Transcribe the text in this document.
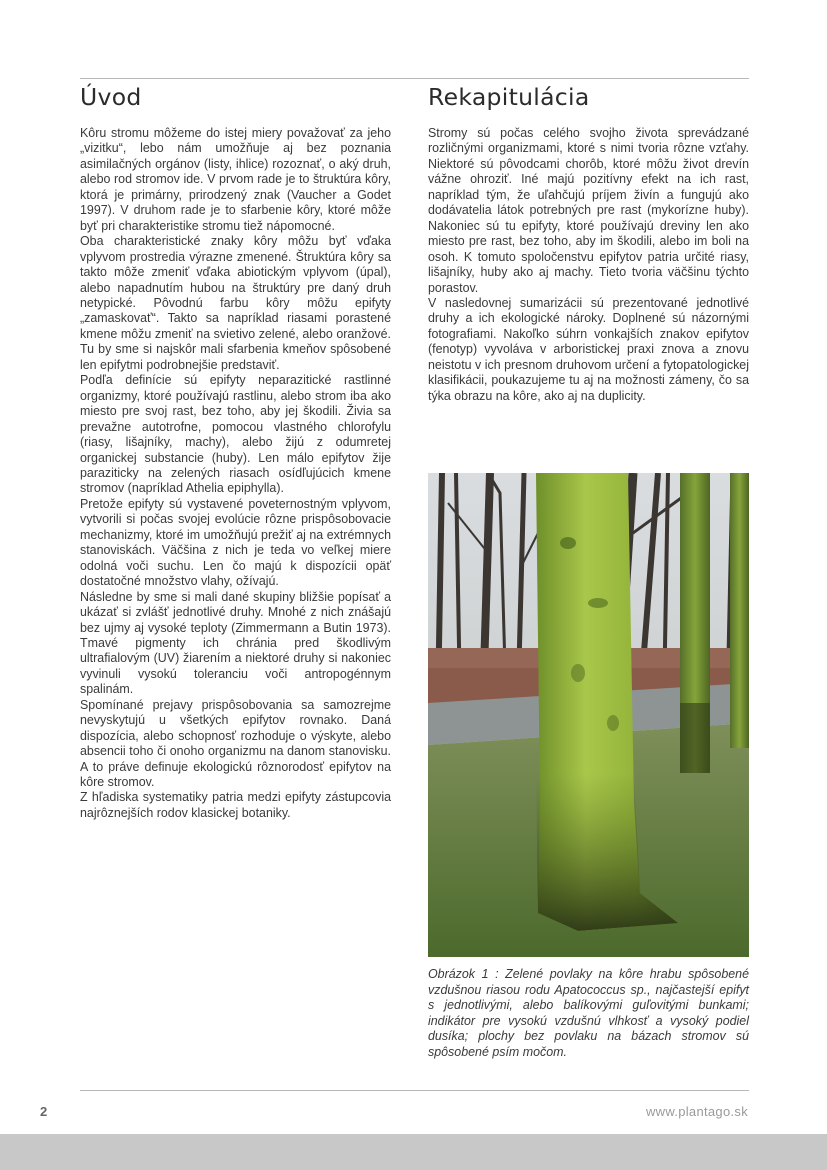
Úvod

Kôru stromu môžeme do istej miery považovať za jeho „vizitku“, lebo nám umožňuje aj bez poznania asimilačných orgánov (listy, ihlice) rozoznať, o aký druh, alebo rod stromov ide. V prvom rade je to štruktúra kôry, ktorá je primárny, prirodzený znak (Vaucher a Godet 1997). V druhom rade je to sfarbenie kôry, ktoré môže byť pri charakteristike stromu tiež nápomocné.

Oba charakteristické znaky kôry môžu byť vďaka vplyvom prostredia výrazne zmenené. Štruktúra kôry sa takto môže zmeniť vďaka abiotickým vplyvom (úpal), alebo napadnutím hubou na štruktúry pre daný druh netypické. Pôvodnú farbu kôry môžu epifyty „zamaskovať“. Takto sa napríklad riasami porastené kmene môžu zmeniť na svietivo zelené, alebo oranžové. Tu by sme si najskôr mali sfarbenia kmeňov spôsobené len epifytmi podrobnejšie predstaviť.

Podľa definície sú epifyty neparazitické rastlinné organizmy, ktoré používajú rastlinu, alebo strom iba ako miesto pre svoj rast, bez toho, aby jej škodili. Živia sa prevažne autotrofne, pomocou vlastného chlorofylu (riasy, lišajníky, machy), alebo žijú z odumretej organickej substancie (huby). Len málo epifytov žije paraziticky na zelených riasach osídľujúcich kmene stromov (napríklad Athelia epiphylla).

Pretože epifyty sú vystavené poveternostným vplyvom, vytvorili si počas svojej evolúcie rôzne prispôsobovacie mechanizmy, ktoré im umožňujú prežiť aj na extrémnych stanoviskách. Väčšina z nich je teda vo veľkej miere odolná voči suchu. Len čo majú k dispozícii opäť dostatočné množstvo vlahy, ožívajú.

Následne by sme si mali dané skupiny bližšie popísať a ukázať si zvlášť jednotlivé druhy. Mnohé z nich znášajú bez ujmy aj vysoké teploty (Zimmermann a Butin 1973). Tmavé pigmenty ich chránia pred škodlivým ultrafialovým (UV) žiarením a niektoré druhy si nakoniec vyvinuli vysokú toleranciu voči antropogénnym spalinám.

Spomínané prejavy prispôsobovania sa samozrejme nevyskytujú u všetkých epifytov rovnako. Daná dispozícia, alebo schopnosť rozhoduje o výskyte, alebo absencii toho či onoho organizmu na danom stanovisku. A to práve definuje ekologickú rôznorodosť epifytov na kôre stromov.

Z hľadiska systematiky patria medzi epifyty zástupcovia najrôznejších rodov klasickej botaniky.

Rekapitulácia

Stromy sú počas celého svojho života sprevádzané rozličnými organizmami, ktoré s nimi tvoria rôzne vzťahy. Niektoré sú pôvodcami chorôb, ktoré môžu život drevín vážne ohroziť. Iné majú pozitívny efekt na ich rast, napríklad tým, že uľahčujú príjem živín a fungujú ako dodávatelia látok potrebných pre rast (mykorízne huby). Nakoniec sú tu epifyty, ktoré používajú dreviny len ako miesto pre rast, bez toho, aby im škodili, alebo im boli na osoh. K tomuto spoločenstvu epifytov patria určité riasy, lišajníky, huby ako aj machy. Tieto tvoria väčšinu týchto porastov.

V nasledovnej sumarizácii sú prezentované jednotlivé druhy a ich ekologické nároky. Doplnené sú názornými fotografiami. Nakoľko súhrn vonkajších znakov epifytov (fenotyp) vyvoláva v arboristickej praxi znova a znovu neistotu v ich presnom druhovom určení a fytopatologickej klasifikácii, poukazujeme tu aj na možnosti zámeny, čo sa týka obrazu na kôre, ako aj na duplicity.

Obrázok 1 : Zelené povlaky na kôre hrabu spôsobené vzdušnou riasou rodu Apatococcus sp., najčastejší epifyt s jednotlivými, alebo balíkovými guľovitými bunkami; indikátor pre vysokú vzdušnú vlhkosť a vysoký podiel dusíka; plochy bez povlaku na bázach stromov sú spôsobené psím močom.

2	www.plantago.sk
